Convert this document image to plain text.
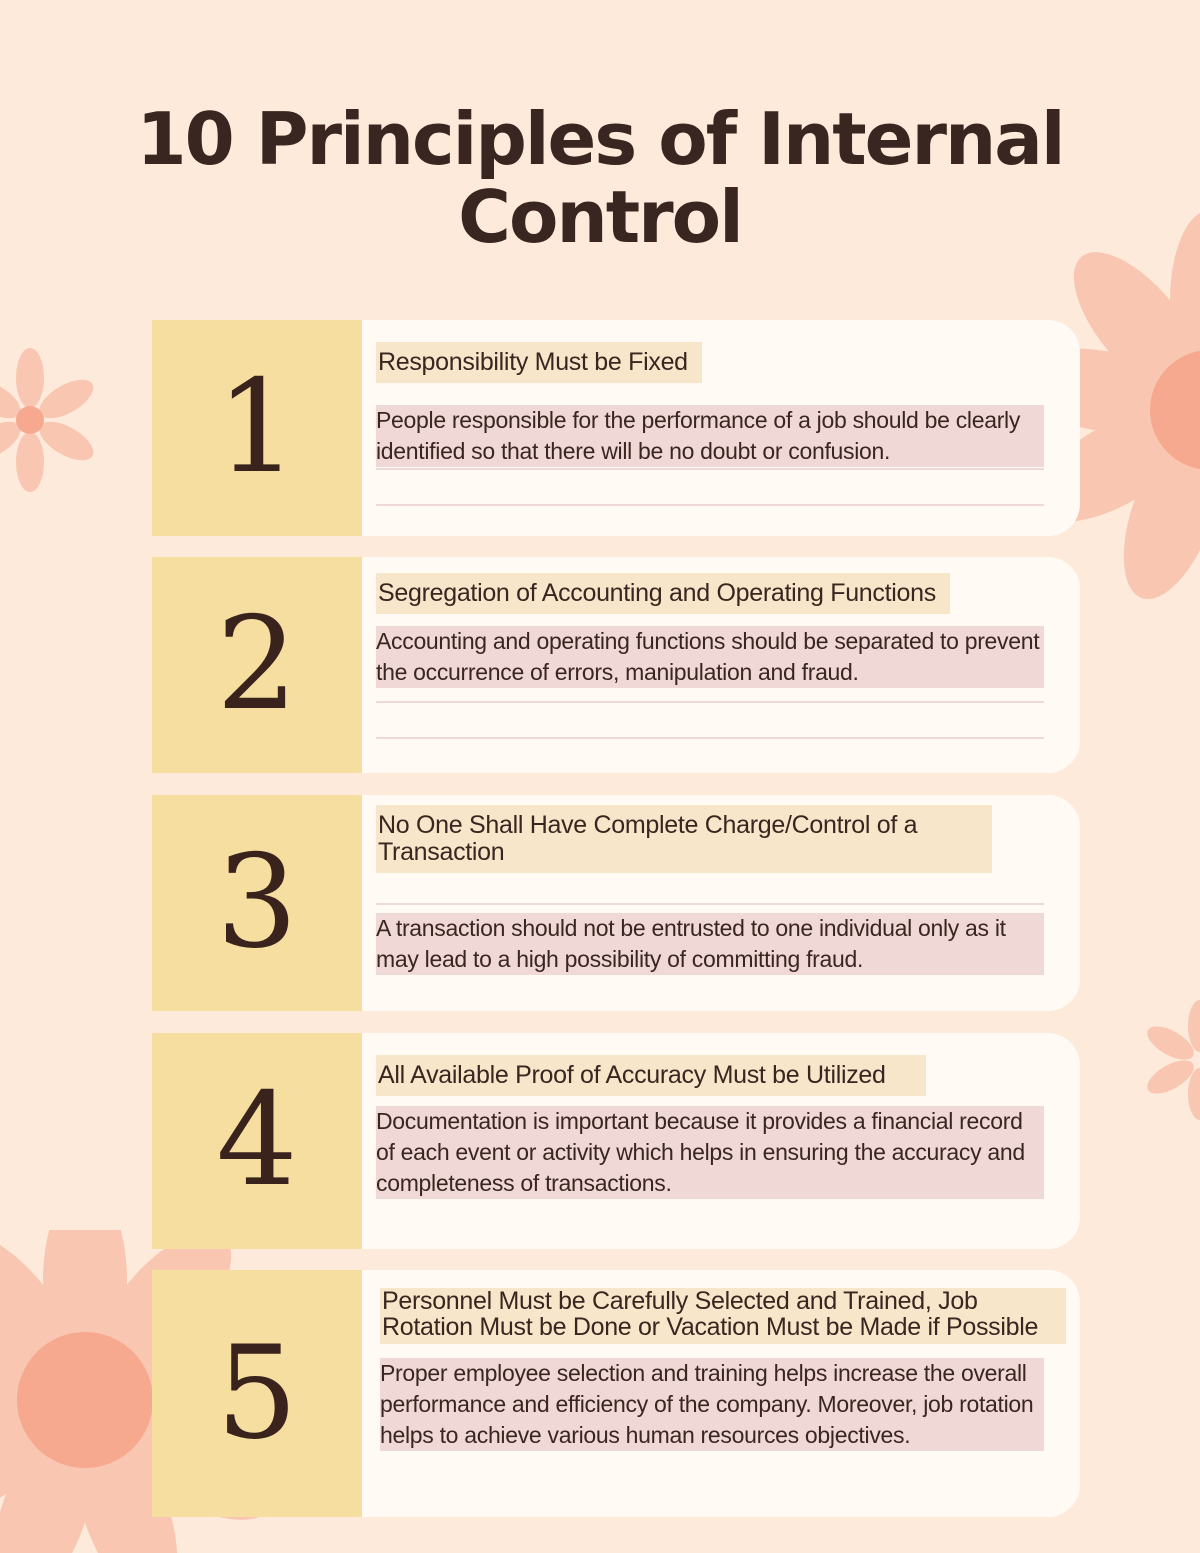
10 Principles of Internal Control
1	Responsibility Must be Fixed

People responsible for the performance of a job should be clearly identified so that there will be no doubt or confusion.

2	Segregation of Accounting and Operating Functions

Accounting and operating functions should be separated to prevent the occurrence of errors, manipulation and fraud.

3
No One Shall Have Complete Charge/Control of a Transaction

A transaction should not be entrusted to one individual only as it may lead to a high possibility of committing fraud.

4	All Available Proof of Accuracy Must be Utilized

Documentation is important because it provides a financial record of each event or activity which helps in ensuring the accuracy and completeness of transactions.

5
Personnel Must be Carefully Selected and Trained, Job Rotation Must be Done or Vacation Must be Made if Possible

Proper employee selection and training helps increase the overall performance and efficiency of the company. Moreover, job rotation helps to achieve various human resources objectives.
